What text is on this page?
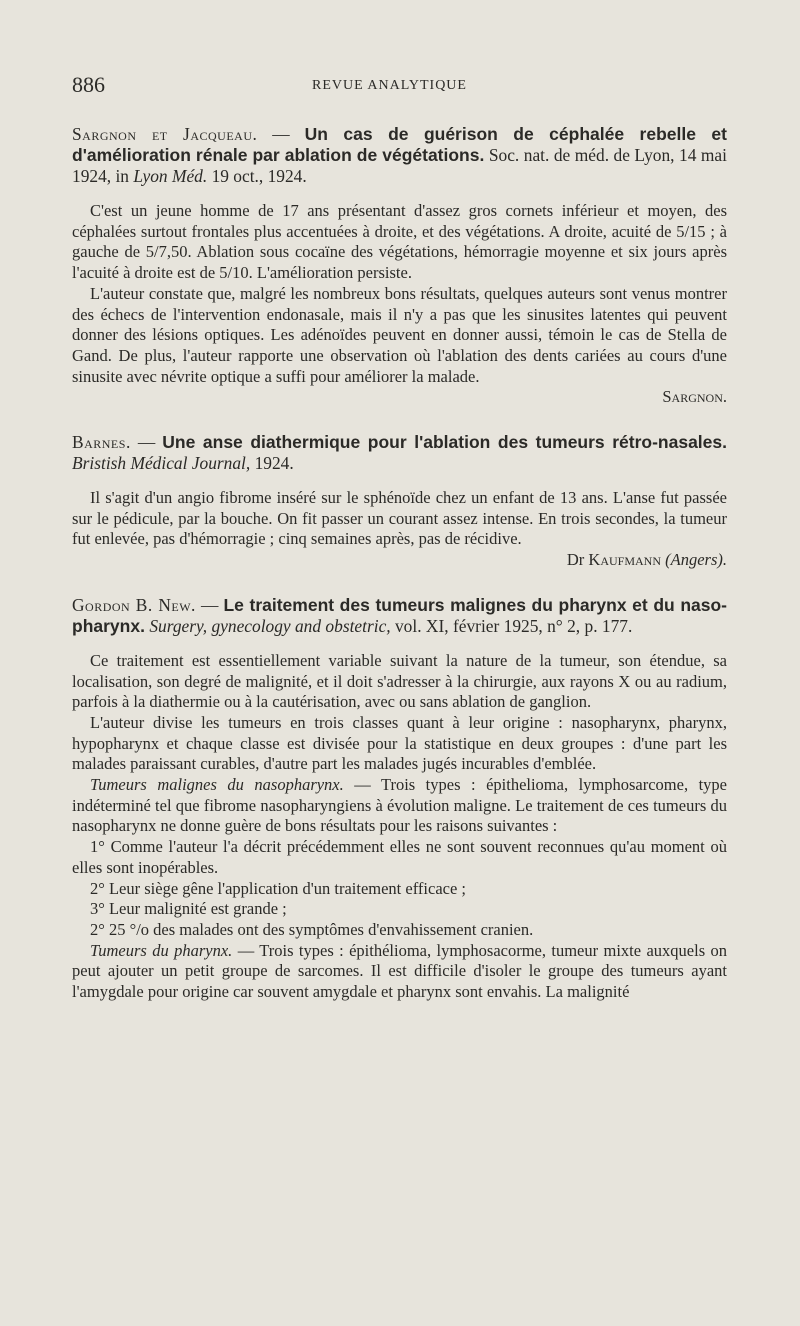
886	REVUE ANALYTIQUE

Sargnon et Jacqueau. — Un cas de guérison de céphalée rebelle et d'amélioration rénale par ablation de végétations. Soc. nat. de méd. de Lyon, 14 mai 1924, in Lyon Méd. 19 oct., 1924.

C'est un jeune homme de 17 ans présentant d'assez gros cornets inférieur et moyen, des céphalées surtout frontales plus accentuées à droite, et des végétations. A droite, acuité de 5/15 ; à gauche de 5/7,50. Ablation sous cocaïne des végétations, hémorragie moyenne et six jours après l'acuité à droite est de 5/10. L'amélioration persiste.

L'auteur constate que, malgré les nombreux bons résultats, quelques auteurs sont venus montrer des échecs de l'intervention endonasale, mais il n'y a pas que les sinusites latentes qui peuvent donner des lésions optiques. Les adénoïdes peuvent en donner aussi, témoin le cas de Stella de Gand. De plus, l'auteur rapporte une observation où l'ablation des dents cariées au cours d'une sinusite avec névrite optique a suffi pour améliorer la malade.

Sargnon.

Barnes. — Une anse diathermique pour l'ablation des tumeurs rétro-nasales. Bristish Médical Journal, 1924.

Il s'agit d'un angio fibrome inséré sur le sphénoïde chez un enfant de 13 ans. L'anse fut passée sur le pédicule, par la bouche. On fit passer un courant assez intense. En trois secondes, la tumeur fut enlevée, pas d'hémorragie ; cinq semaines après, pas de récidive.

Dr Kaufmann (Angers).

Gordon B. New. — Le traitement des tumeurs malignes du pharynx et du naso-pharynx. Surgery, gynecology and obstetric, vol. XI, février 1925, n° 2, p. 177.

Ce traitement est essentiellement variable suivant la nature de la tumeur, son étendue, sa localisation, son degré de malignité, et il doit s'adresser à la chirurgie, aux rayons X ou au radium, parfois à la diathermie ou à la cautérisation, avec ou sans ablation de ganglion.

L'auteur divise les tumeurs en trois classes quant à leur origine : nasopharynx, pharynx, hypopharynx et chaque classe est divisée pour la statistique en deux groupes : d'une part les malades paraissant curables, d'autre part les malades jugés incurables d'emblée.

Tumeurs malignes du nasopharynx. — Trois types : épithelioma, lymphosarcome, type indéterminé tel que fibrome nasopharyngiens à évolution maligne. Le traitement de ces tumeurs du nasopharynx ne donne guère de bons résultats pour les raisons suivantes :

1° Comme l'auteur l'a décrit précédemment elles ne sont souvent reconnues qu'au moment où elles sont inopérables.

2° Leur siège gêne l'application d'un traitement efficace ;

3° Leur malignité est grande ;

2° 25 °/o des malades ont des symptômes d'envahissement cranien.

Tumeurs du pharynx. — Trois types : épithélioma, lymphosacorme, tumeur mixte auxquels on peut ajouter un petit groupe de sarcomes. Il est difficile d'isoler le groupe des tumeurs ayant l'amygdale pour origine car souvent amygdale et pharynx sont envahis. La malignité
